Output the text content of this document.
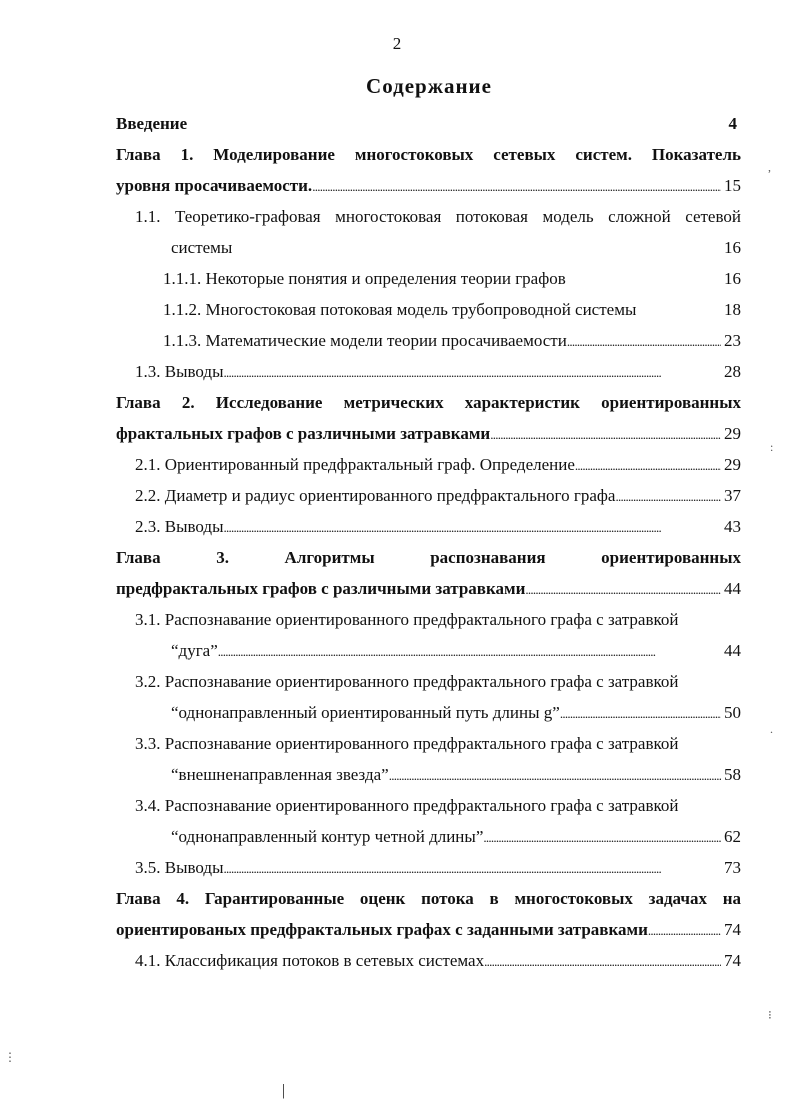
2
Содержание
Введение	4
Глава 1. Моделирование многостоковых сетевых систем. Показатель
уровня просачиваемости. . . .	15
1.1. Теоретико-графовая многостоковая потоковая модель сложной сетевой
системы	16
1.1.1. Некоторые понятия и определения теории графов	16
1.1.2. Многостоковая потоковая модель трубопроводной системы	18
1.1.3. Математические модели теории просачиваемости . . .	23
1.3. Выводы . . .	28
Глава 2. Исследование метрических характеристик ориентированных
фрактальных графов с различными затравками . . .	29
2.1. Ориентированный предфрактальный граф. Определение . . .	29
2.2. Диаметр и радиус ориентированного предфрактального графа . . .	37
2.3. Выводы . . .	43
Глава 3. Алгоритмы распознавания ориентированных
предфрактальных графов с различными затравками . . .	44
3.1. Распознавание ориентированного предфрактального графа с затравкой
“дуга” . . .	44
3.2. Распознавание ориентированного предфрактального графа с затравкой
“однонаправленный ориентированный путь длины g” . . .	50
3.3. Распознавание ориентированного предфрактального графа с затравкой
“внешненаправленная звезда” . . .	58
3.4. Распознавание ориентированного предфрактального графа с затравкой
“однонаправленный контур четной длины” . . .	62
3.5. Выводы . . .	73
Глава 4. Гарантированные оценк потока в многостоковых задачах на
ориентированых предфрактальных графах с заданными затравками . . .	74
4.1. Классификация потоков в сетевых системах . . .	74
,
:
.
⁝
⋮
|
